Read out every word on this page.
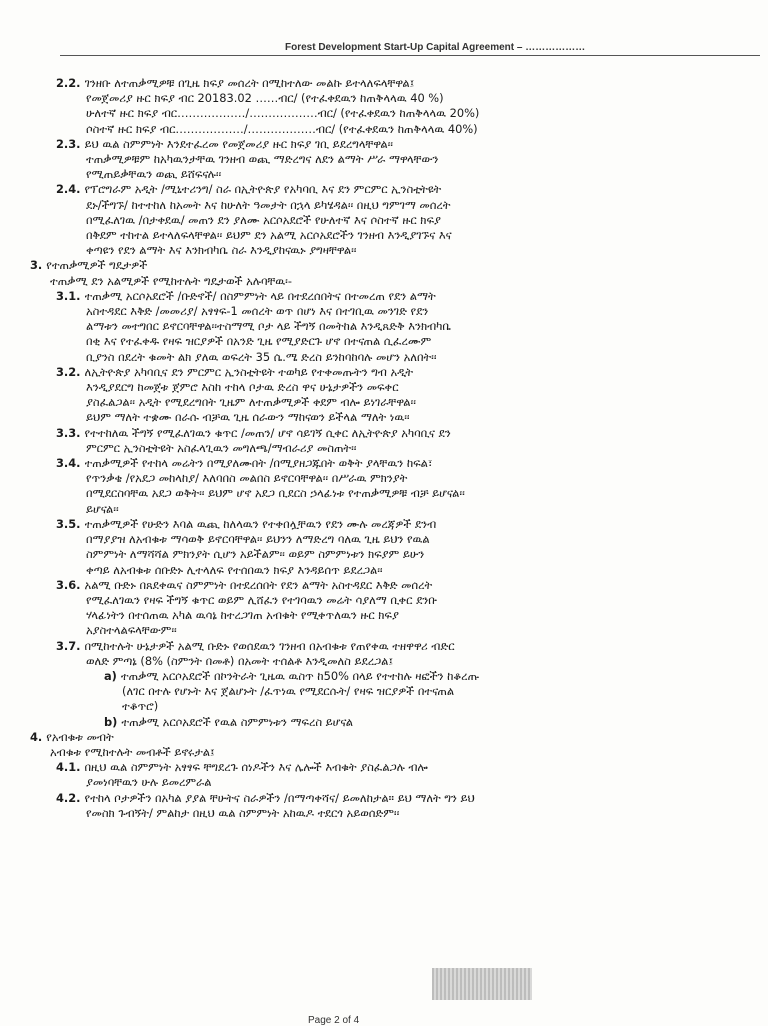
Forest Development Start-Up Capital Agreement – ………………
2.2. ገንዘቡ ለተጠቃሚዎቹ በጊዜ ክፍያ መሰረት በሚከተለው መልኩ ይተላለፍላቸዋል፤
የመጀመሪያ ዙር ክፍያ ብር 20183.02 ……ብር/ (የተፈቀደዉን ከጠቅላላዉ 40 %)
ሁለተኛ ዙር ክፍያ ብር………………/………………ብር/ (የተፈቀደዉን ከጠቅላላዉ 20%)
ሶስተኛ ዙር ክፍያ ብር………………/………………ብር/ (የተፈቀደዉን ከጠቅላላዉ 40%)
2.3. ይህ ዉል ስምምነት እንደተፈረመ የመጀመሪያ ዙር ክፍያ ገቢ ይደረግላቸዋል፡፡
ተጠቃሚዎቹም ከአካዉንታቸዉ ገንዘብ ወጪ ማድረግና ለደን ልማት ሥራ ማዋላቸውን
የሚጠይቃቸዉን ወጪ ይሸፍናሉ፡፡
2.4. የፕሮግራም አዲት /ሚኒተሪንግ/ ስራ በኢትዮጵያ የአካባቢ እና ደን ምርምር ኢንስቲትዩት
ደኑ/ችግኙ/ ከተተከለ ከአመት እና ከሁለት ዓመታት በኋላ ይካሄዳል፡፡ በዚህ ግምገማ መሰረት
በሚፈለገዉ /በታቀደዉ/ መጠን ደን ያለሙ አርሶአደሮች የሁለተኛ እና ሶስተኛ ዙር ክፍያ
በቅደም ተከተል ይተላለፍላቸዋል፡፡ ይህም ደን አልሚ አርሶአደሮችን ገንዘብ እንዲያገኙና እና
ቀጣዩን የደን ልማት እና እንክብካቤ ስራ እንዲያከናዉኑ ያግዛቸዋል፡፡
3. የተጠቃሚዎች ግዴታዎች
ተጠቃሚ ደን አልሚዎች የሚከተሉት ግዴታወች አሉባቸዉ፡-
3.1. ተጠቃሚ አርሶአደሮች /ቡድኖች/ በስምምነት ላይ በተደረሰበትና በተመረጠ የደን ልማት
አስተዳደር እቅድ /መመሪያ/ አፃፃፍ-1 መሰረት ወጥ በሆነ እና በተገቢዉ መንገድ የደን
ልማቱን መተግበር ይኖርባቸዋል፡፡ተስማሚ ቦታ ላይ ችግኝ በመትከል እንዲጸድቅ እንክብካቤ
በቂ እና የተፈቀዱ የዛፍ ዝርያዎች በአንድ ጊዜ የሚያድርጉ ሆኖ በተናጠል ሲፈረሙም
ቢያንስ በደረት ቁመት ልክ ያለዉ ወፍረት 35 ሴ.ሜ ድረስ ይንከባከባሉ መሆን አለበት፡፡
3.2. ለኢትዮጵያ አካባቢና ደን ምርምር ኢንስቲትዩት ተወካይ የተቀመጡትን ግብ አዲት
እንዲያደርግ ከመጀቱ ጀምሮ እስከ ተከላ ቦታዉ ድረስ ዋና ሁኔታዎችን መፍቀር
ያስፈልጋል፡፡ አዲት የሚደረግበት ጊዜም ለተጠቃሚዎች ቀደም ብሎ ይነገራቸዋል፡፡
ይህም ማለት ተቋሙ በራሱ ብቻዉ ጊዜ ሰራውን ማከናወን ይችላል ማለት ነዉ፡፡
3.3. የተተከለዉ ችግኝ የሚፈለገዉን ቁጥር /መጠን/ ሆኖ ሳይገኝ ሲቀር ለኢትዮጵያ አካባቢና ደን
ምርምር ኢንስቲትዩት አስፈላጊዉን መግለጫ/ማብራሪያ መስጠት፡፡
3.4. ተጠቃሚዎች የተከላ መሬትን በሚያለሙበት /በሚያዘጋጁበት ወቅት ያላቸዉን ከፍል፣
የጥንቃቄ /የአደጋ መከላከያ/ እለባበስ መልበስ ይኖርባቸዋል፡፡ በሥራዉ ምክንያት
በሚደርስባቸዉ አደጋ ወቅት፡፡ ይህም ሆኖ አደጋ ቢደርስ ኃላፊነቱ የተጠቃሚዎቹ ብቻ ይሆናል፡፡
ይሆናል፡፡
3.5. ተጠቃሚዎች የሁድን እባል ዉጪ ከለላዉን የተቀበሏቸዉን የደን ሙሉ መረጃዎች ደንብ
በማያያዝ ለአብቁቱ ማሳወቅ ይኖርባቸዋል፡፡ ይህንን ለማድረግ ባለዉ ጊዜ ይህን የዉል
ስምምነት ለማሻሻል ምክንያት ሲሆን አይችልም፡፡ ወይም ስምምነቱን ክፍያም ይሁን
ቀጣይ ለአብቁቱ ሰቡድኑ ሊተላለፍ የተሰበዉን ክፍያ እንዳይሰጥ ይደረጋል፡፡
3.6. አልሚ ቡድኑ በጸደቀዉና ስምምነት በተደረሰበት የደን ልማት አስተዳደር እቅድ መሰረት
የሚፈለገዉን የዛፍ ችግኝ ቁጥር ወይም ሊሸፈን የተገባዉን መሬት ሳያለማ ቢቀር ደንቡ
ሃላፊነትን በተሰጠዉ አካል ዉሳኔ ከተረጋገጠ አብቁት የሚቀጥለዉን ዙር ክፍያ
አያስተላልፍላቸውም፡፡
3.7. በሚከተሉት ሁኔታዎች አልሚ ቡድኑ የወሰደዉን ገንዘብ በአብቁቱ የጠየቀዉ ተዘዋዋሪ ብድር
ወለድ ምጣኔ (8% (ስምንት በመቶ) በአመት ተሰልቶ እንዲመለስ ይደረጋል፤
a) ተጠቃሚ አርሶአደሮች በኮንትራት ጊዜዉ ዉስጥ ከ50% በላይ የተተከሉ ዛፎችን ከቆረጡ
(ለገር በተሉ የሆኑት እና ጀልሆኑት /ፈጥነዉ የሚደርሱት/ የዛፍ ዝርያዎች በተናጠል
ተቆጥሮ)
b) ተጠቃሚ አርሶአደሮች የዉል ስምምነቱን ማፍረስ ይሆናል
4. የአብቁቱ መብት
አብቁቱ የሚከተሉት መብቶች ይኖሩታል፤
4.1. በዚህ ዉል ስምምነት አፃፃፍ ቸግደረጉ ሰነዶችን እና ሌሎች እብቁት ያስፈልጋሉ ብሎ
ያመነባቸዉን ሁሉ ይመረምራል
4.2. የተከላ ቦታዎችን በአካል ያያል ቸሁትና ስራዎችን /በማጣቀሻና/ ይመለከታል። ይህ ማለት ግን ይህ
የመስክ ጉብኝት/ ምልከታ በዚህ ዉል ስምምነት አከዉዶ ተደርጎ አይወሰድም፡፡
Page 2 of 4
